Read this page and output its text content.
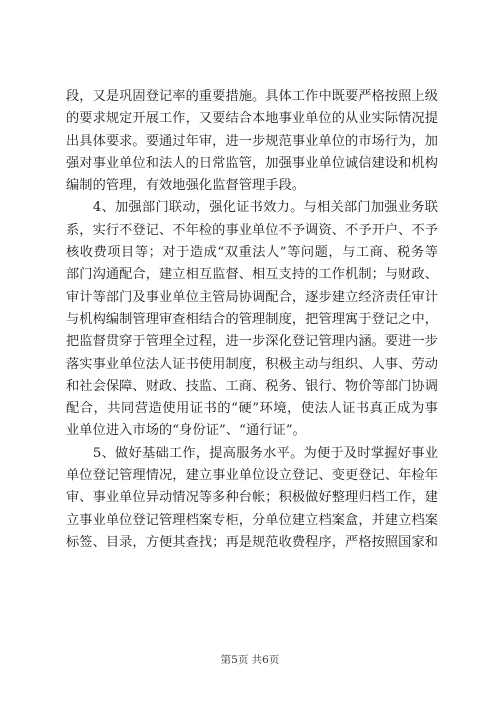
段，又是巩固登记率的重要措施。具体工作中既要严格按照上级
的要求规定开展工作，又要结合本地事业单位的从业实际情况提
出具体要求。要通过年审，进一步规范事业单位的市场行为，加
强对事业单位和法人的日常监管，加强事业单位诚信建设和机构
编制的管理，有效地强化监督管理手段。
　　4、加强部门联动，强化证书效力。与相关部门加强业务联
系，实行不登记、不年检的事业单位不予调资、不予开户、不予
核收费项目等；对于造成“双重法人”等问题，与工商、税务等
部门沟通配合，建立相互监督、相互支持的工作机制；与财政、
审计等部门及事业单位主管局协调配合，逐步建立经济责任审计
与机构编制管理审查相结合的管理制度，把管理寓于登记之中，
把监督贯穿于管理全过程，进一步深化登记管理内涵。要进一步
落实事业单位法人证书使用制度，积极主动与组织、人事、劳动
和社会保障、财政、技监、工商、税务、银行、物价等部门协调
配合，共同营造使用证书的“硬”环境，使法人证书真正成为事
业单位进入市场的“身份证”、“通行证”。
　　5、做好基础工作，提高服务水平。为便于及时掌握好事业
单位登记管理情况，建立事业单位设立登记、变更登记、年检年
审、事业单位异动情况等多种台帐；积极做好整理归档工作，建
立事业单位登记管理档案专柜，分单位建立档案盒，并建立档案
标签、目录，方便其查找；再是规范收费程序，严格按照国家和
第5页 共6页
